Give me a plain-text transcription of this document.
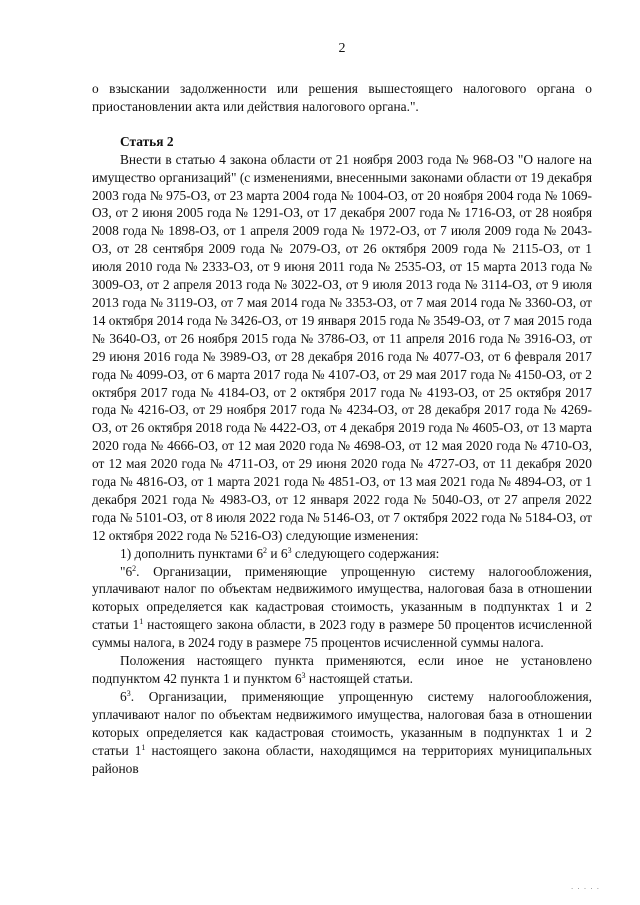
2

о взыскании задолженности или решения вышестоящего налогового органа о приостановлении акта или действия налогового органа.".

Статья 2

Внести в статью 4 закона области от 21 ноября 2003 года № 968-ОЗ "О налоге на имущество организаций" (с изменениями, внесенными законами области от 19 декабря 2003 года № 975-ОЗ, от 23 марта 2004 года № 1004-ОЗ, от 20 ноября 2004 года № 1069-ОЗ, от 2 июня 2005 года № 1291-ОЗ, от 17 декабря 2007 года № 1716-ОЗ, от 28 ноября 2008 года № 1898-ОЗ, от 1 апреля 2009 года № 1972-ОЗ, от 7 июля 2009 года № 2043-ОЗ, от 28 сентября 2009 года № 2079-ОЗ, от 26 октября 2009 года № 2115-ОЗ, от 1 июля 2010 года № 2333-ОЗ, от 9 июня 2011 года № 2535-ОЗ, от 15 марта 2013 года № 3009-ОЗ, от 2 апреля 2013 года № 3022-ОЗ, от 9 июля 2013 года № 3114-ОЗ, от 9 июля 2013 года № 3119-ОЗ, от 7 мая 2014 года № 3353-ОЗ, от 7 мая 2014 года № 3360-ОЗ, от 14 октября 2014 года № 3426-ОЗ, от 19 января 2015 года № 3549-ОЗ, от 7 мая 2015 года № 3640-ОЗ, от 26 ноября 2015 года № 3786-ОЗ, от 11 апреля 2016 года № 3916-ОЗ, от 29 июня 2016 года № 3989-ОЗ, от 28 декабря 2016 года № 4077-ОЗ, от 6 февраля 2017 года № 4099-ОЗ, от 6 марта 2017 года № 4107-ОЗ, от 29 мая 2017 года № 4150-ОЗ, от 2 октября 2017 года № 4184-ОЗ, от 2 октября 2017 года № 4193-ОЗ, от 25 октября 2017 года № 4216-ОЗ, от 29 ноября 2017 года № 4234-ОЗ, от 28 декабря 2017 года № 4269-ОЗ, от 26 октября 2018 года № 4422-ОЗ, от 4 декабря 2019 года № 4605-ОЗ, от 13 марта 2020 года № 4666-ОЗ, от 12 мая 2020 года № 4698-ОЗ, от 12 мая 2020 года № 4710-ОЗ, от 12 мая 2020 года № 4711-ОЗ, от 29 июня 2020 года № 4727-ОЗ, от 11 декабря 2020 года № 4816-ОЗ, от 1 марта 2021 года № 4851-ОЗ, от 13 мая 2021 года № 4894-ОЗ, от 1 декабря 2021 года № 4983-ОЗ, от 12 января 2022 года № 5040-ОЗ, от 27 апреля 2022 года № 5101-ОЗ, от 8 июля 2022 года № 5146-ОЗ, от 7 октября 2022 года № 5184-ОЗ, от 12 октября 2022 года № 5216-ОЗ) следующие изменения:

1) дополнить пунктами $6^2$ и $6^3$ следующего содержания:

"$6^2$. Организации, применяющие упрощенную систему налогообложения, уплачивают налог по объектам недвижимого имущества, налоговая база в отношении которых определяется как кадастровая стоимость, указанным в подпунктах 1 и 2 статьи $1^1$ настоящего закона области, в 2023 году в размере 50 процентов исчисленной суммы налога, в 2024 году в размере 75 процентов исчисленной суммы налога.

Положения настоящего пункта применяются, если иное не установлено подпунктом 42 пункта 1 и пунктом $6^3$ настоящей статьи.

$6^3$. Организации, применяющие упрощенную систему налогообложения, уплачивают налог по объектам недвижимого имущества, налоговая база в отношении которых определяется как кадастровая стоимость, указанным в подпунктах 1 и 2 статьи $1^1$ настоящего закона области, находящимся на территориях муниципальных районов

. . . . .
